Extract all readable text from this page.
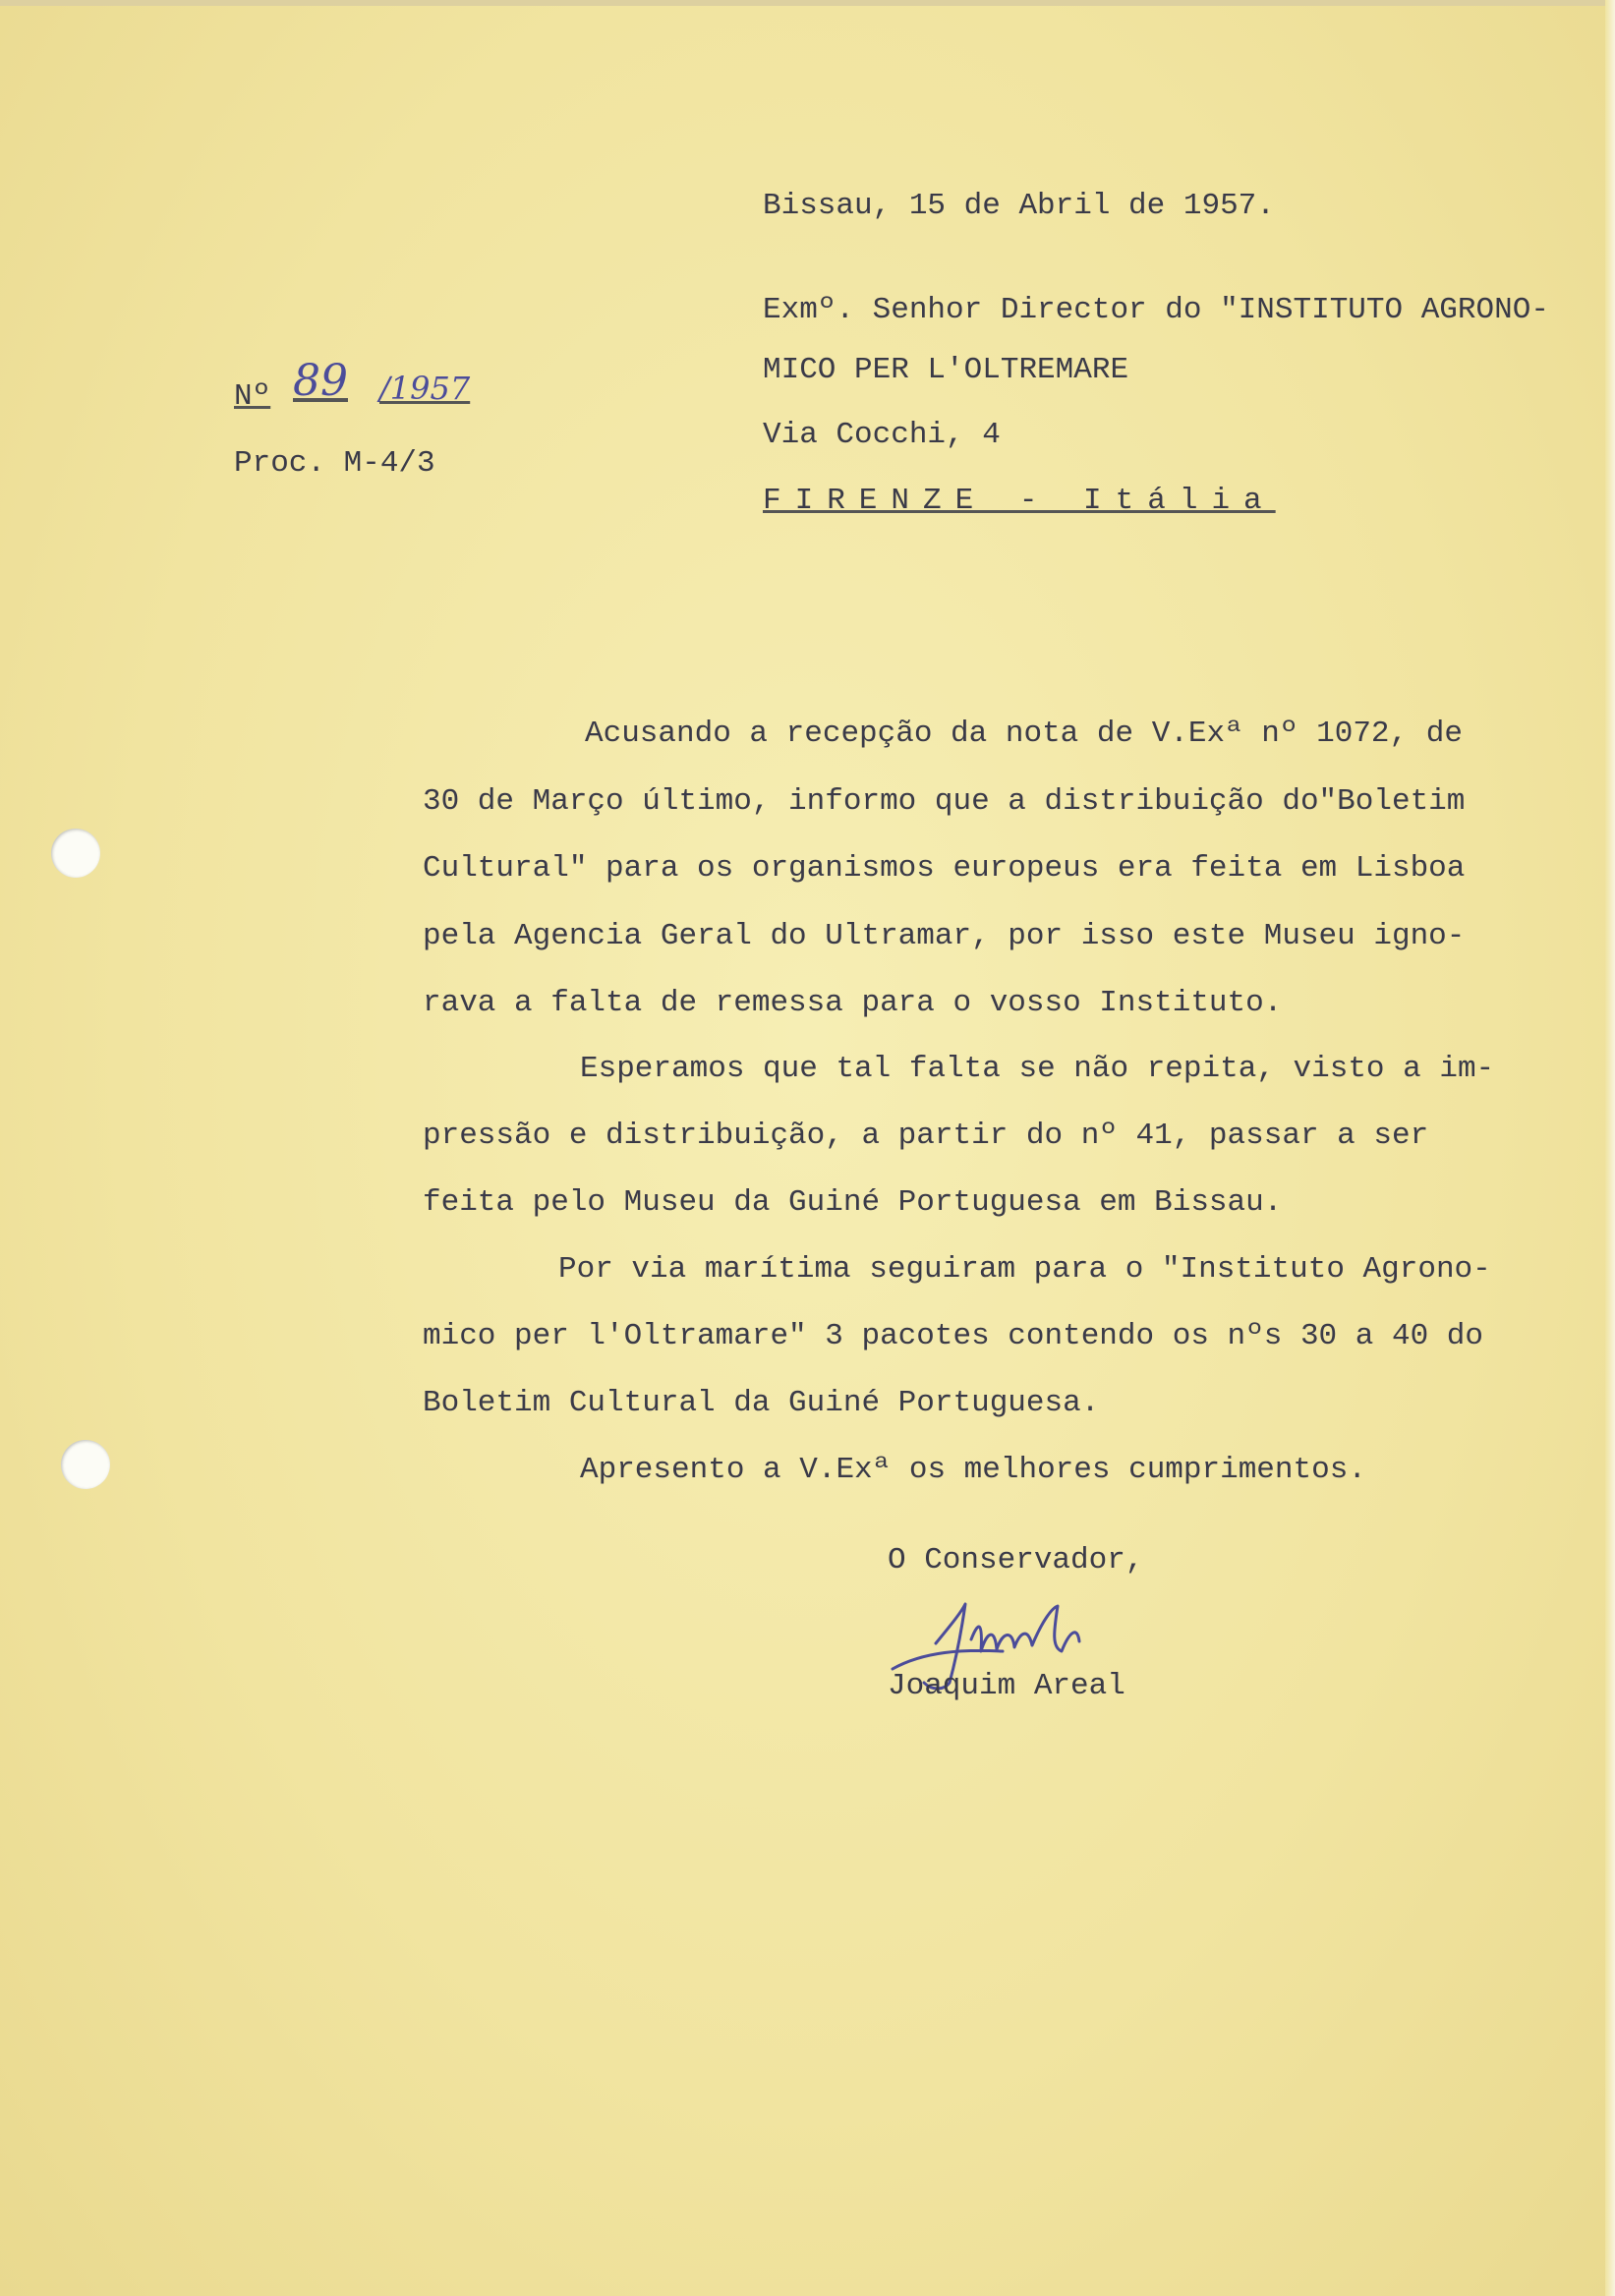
Bissau, 15 de Abril de 1957.
Exmº. Senhor Director do "INSTITUTO AGRONO-
MICO PER L'OLTREMARE
Via Cocchi, 4
FIRENZE - Itália
Nº 89 /1957
Proc. M-4/3
Acusando a recepção da nota de V.Exª nº 1072, de
30 de Março último, informo que a distribuição do"Boletim
Cultural" para os organismos europeus era feita em Lisboa
pela Agencia Geral do Ultramar, por isso este Museu igno-
rava a falta de remessa para o vosso Instituto.
Esperamos que tal falta se não repita, visto a im-
pressão e distribuição, a partir do nº 41, passar a ser
feita pelo Museu da Guiné Portuguesa em Bissau.
Por via marítima seguiram para o "Instituto Agrono-
mico per l'Oltramare" 3 pacotes contendo os nºs 30 a 40 do
Boletim Cultural da Guiné Portuguesa.
Apresento a V.Exª os melhores cumprimentos.
O Conservador,
Joaquim Areal
